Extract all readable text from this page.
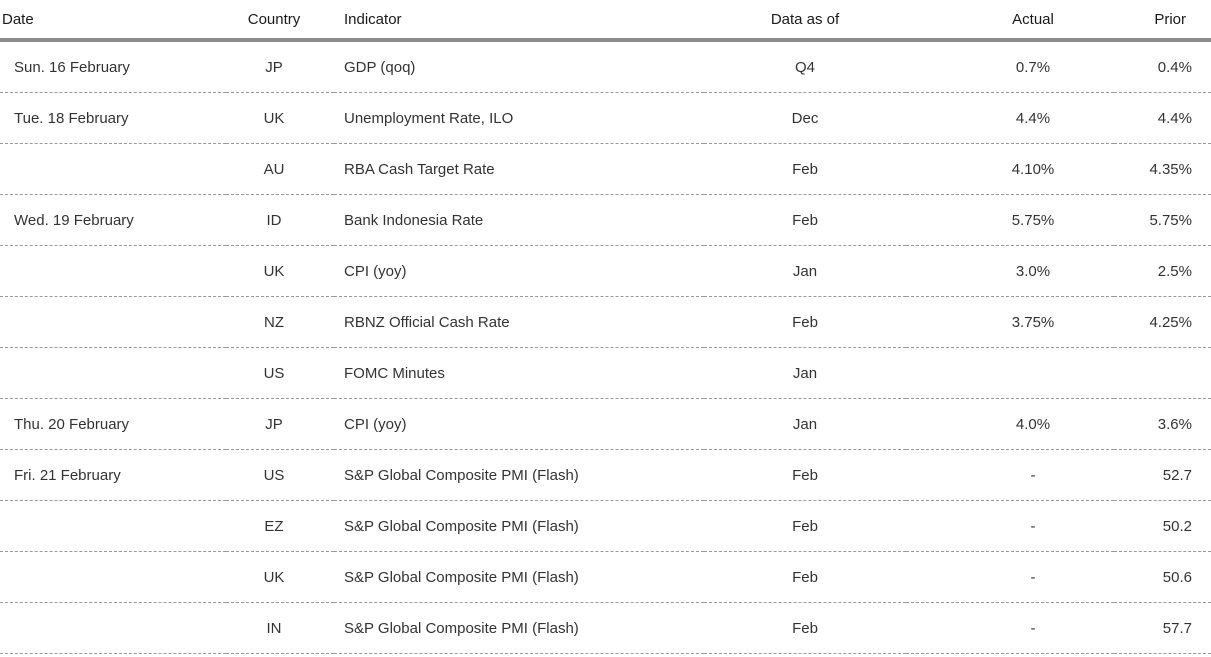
Date	Country	Indicator	Data as of	Actual	Prior
Sun. 16 February	JP	GDP (qoq)	Q4	0.7%	0.4%
Tue. 18 February	UK	Unemployment Rate, ILO	Dec	4.4%	4.4%
	AU	RBA Cash Target Rate	Feb	4.10%	4.35%
Wed. 19 February	ID	Bank Indonesia Rate	Feb	5.75%	5.75%
	UK	CPI (yoy)	Jan	3.0%	2.5%
	NZ	RBNZ Official Cash Rate	Feb	3.75%	4.25%
	US	FOMC Minutes	Jan		
Thu. 20 February	JP	CPI (yoy)	Jan	4.0%	3.6%
Fri. 21 February	US	S&P Global Composite PMI (Flash)	Feb	-	52.7
	EZ	S&P Global Composite PMI (Flash)	Feb	-	50.2
	UK	S&P Global Composite PMI (Flash)	Feb	-	50.6
	IN	S&P Global Composite PMI (Flash)	Feb	-	57.7
